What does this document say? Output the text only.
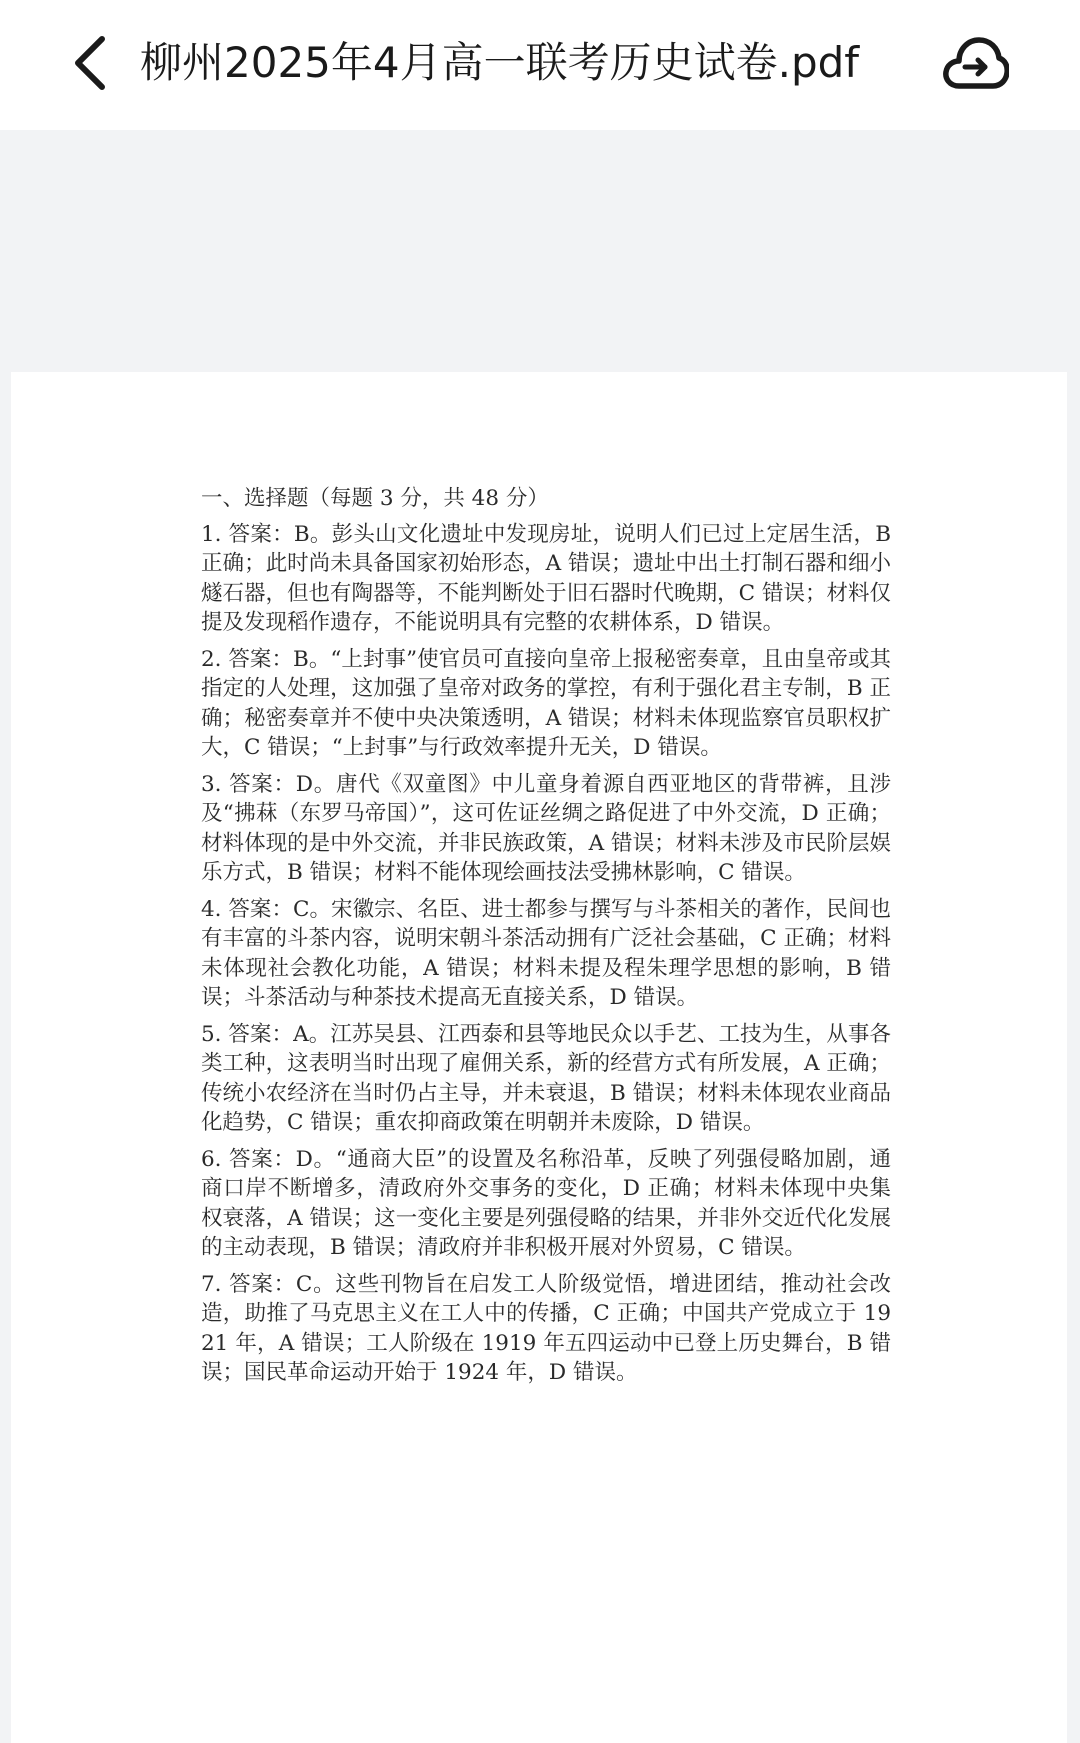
柳州2025年4月高一联考历史试卷.pdf
一、选择题（每题 3 分，共 48 分）
1. 答案：B。彭头山文化遗址中发现房址，说明人们已过上定居生活，B 正确；此时尚未具备国家初始形态，A 错误；遗址中出土打制石器和细小燧石器，但也有陶器等，不能判断处于旧石器时代晚期，C 错误；材料仅提及发现稻作遗存，不能说明具有完整的农耕体系，D 错误。
2. 答案：B。“上封事”使官员可直接向皇帝上报秘密奏章，且由皇帝或其指定的人处理，这加强了皇帝对政务的掌控，有利于强化君主专制，B 正确；秘密奏章并不使中央决策透明，A 错误；材料未体现监察官员职权扩大，C 错误；“上封事”与行政效率提升无关，D 错误。
3. 答案：D。唐代《双童图》中儿童身着源自西亚地区的背带裤，且涉及“拂菻（东罗马帝国）”，这可佐证丝绸之路促进了中外交流，D 正确；材料体现的是中外交流，并非民族政策，A 错误；材料未涉及市民阶层娱乐方式，B 错误；材料不能体现绘画技法受拂林影响，C 错误。
4. 答案：C。宋徽宗、名臣、进士都参与撰写与斗茶相关的著作，民间也有丰富的斗茶内容，说明宋朝斗茶活动拥有广泛社会基础，C 正确；材料未体现社会教化功能，A 错误；材料未提及程朱理学思想的影响，B 错误；斗茶活动与种茶技术提高无直接关系，D 错误。
5. 答案：A。江苏吴县、江西泰和县等地民众以手艺、工技为生，从事各类工种，这表明当时出现了雇佣关系，新的经营方式有所发展，A 正确；传统小农经济在当时仍占主导，并未衰退，B 错误；材料未体现农业商品化趋势，C 错误；重农抑商政策在明朝并未废除，D 错误。
6. 答案：D。“通商大臣”的设置及名称沿革，反映了列强侵略加剧，通商口岸不断增多，清政府外交事务的变化，D 正确；材料未体现中央集权衰落，A 错误；这一变化主要是列强侵略的结果，并非外交近代化发展的主动表现，B 错误；清政府并非积极开展对外贸易，C 错误。
7. 答案：C。这些刊物旨在启发工人阶级觉悟，增进团结，推动社会改造，助推了马克思主义在工人中的传播，C 正确；中国共产党成立于 1921 年，A 错误；工人阶级在 1919 年五四运动中已登上历史舞台，B 错误；国民革命运动开始于 1924 年，D 错误。
